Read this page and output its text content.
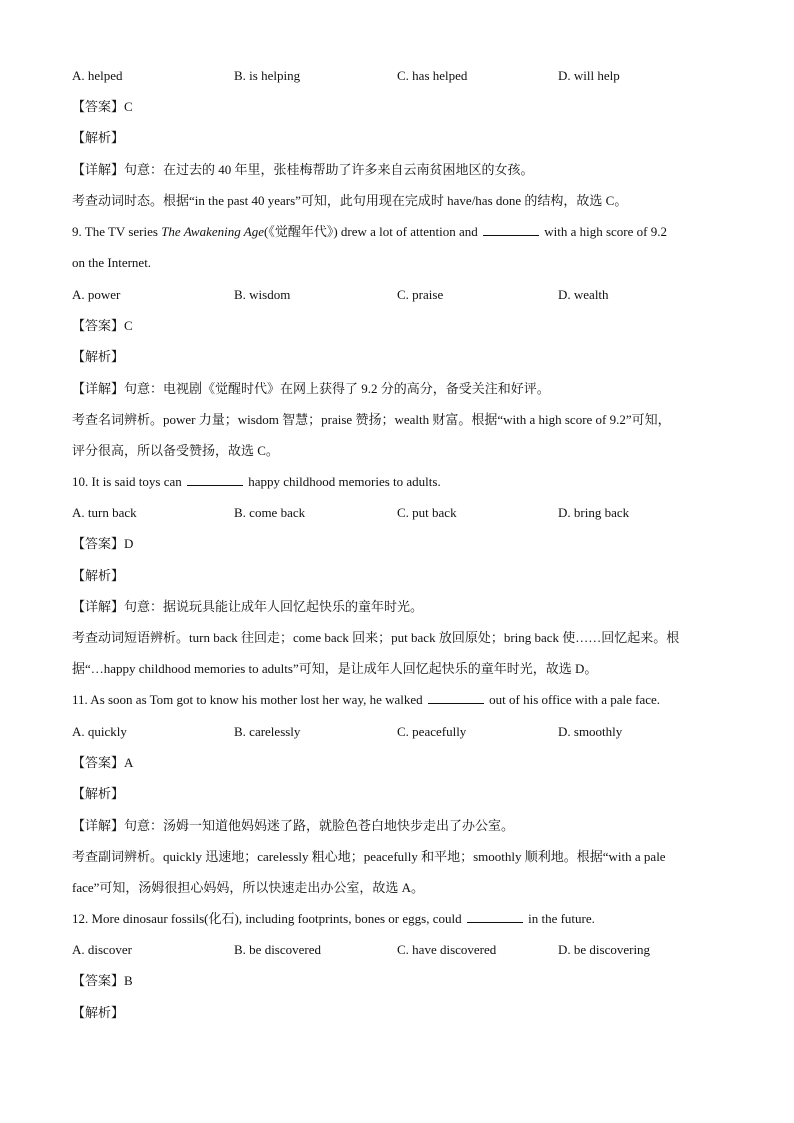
A. helped	B. is helping	C. has helped	D. will help
【答案】C
【解析】
【详解】句意：在过去的 40 年里，张桂梅帮助了许多来自云南贫困地区的女孩。
考查动词时态。根据“in the past 40 years”可知，此句用现在完成时 have/has done 的结构，故选 C。
9. The TV series The Awakening Age(《觉醒年代》) drew a lot of attention and	with a high score of 9.2
on the Internet.
A. power	B. wisdom	C. praise	D. wealth
【答案】C
【解析】
【详解】句意：电视剧《觉醒时代》在网上获得了 9.2 分的高分，备受关注和好评。
考查名词辨析。power 力量；wisdom 智慧；praise 赞扬；wealth 财富。根据“with a high score of 9.2”可知，
评分很高，所以备受赞扬，故选 C。
10. It is said toys can	happy childhood memories to adults.
A. turn back	B. come back	C. put back	D. bring back
【答案】D
【解析】
【详解】句意：据说玩具能让成年人回忆起快乐的童年时光。
考查动词短语辨析。turn back 往回走；come back 回来；put back 放回原处；bring back 使……回忆起来。根
据“…happy childhood memories to adults”可知，是让成年人回忆起快乐的童年时光，故选 D。
11. As soon as Tom got to know his mother lost her way, he walked	out of his office with a pale face.
A. quickly	B. carelessly	C. peacefully	D. smoothly
【答案】A
【解析】
【详解】句意：汤姆一知道他妈妈迷了路，就脸色苍白地快步走出了办公室。
考查副词辨析。quickly 迅速地；carelessly 粗心地；peacefully 和平地；smoothly 顺利地。根据“with a pale
face”可知，汤姆很担心妈妈，所以快速走出办公室，故选 A。
12. More dinosaur fossils(化石), including footprints, bones or eggs, could	in the future.
A. discover	B. be discovered	C. have discovered	D. be discovering
【答案】B
【解析】
